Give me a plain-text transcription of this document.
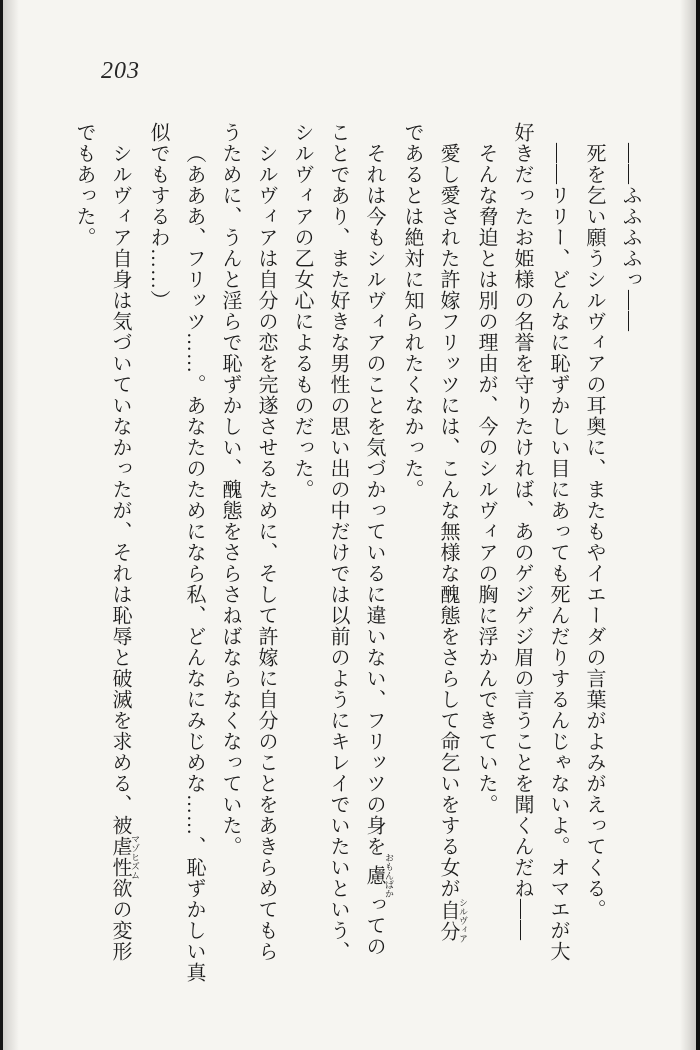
203

――ふふふふっ――

死を乞い願うシルヴィアの耳奥に、またもやイエーダの言葉がよみがえってくる。

――リリー、どんなに恥ずかしい目にあっても死んだりするんじゃないよ。オマエが大

好きだったお姫様の名誉を守りたければ、あのゲジゲジ眉の言うことを聞くんだね――

そんな脅迫とは別の理由が、今のシルヴィアの胸に浮かんできていた。

愛し愛された許嫁フリッツには、こんな無様な醜態をさらして命乞いをする女が自分 シルヴィア

であるとは絶対に知られたくなかった。

それは今もシルヴィアのことを気づかっているに違いない、フリッツの身を慮 おもんぱかっての

ことであり、また好きな男性の思い出の中だけでは以前のようにキレイでいたいという、

シルヴィアの乙女心によるものだった。

シルヴィアは自分の恋を完遂させるために、そして許嫁に自分のことをあきらめてもら

うために、うんと淫らで恥ずかしい、醜態をさらさねばならなくなっていた。

（あああ、フリッツ……。あなたのためになら私、どんなにみじめな……、恥ずかしい真

似でもするわ……）

シルヴィア自身は気づいていなかったが、それは恥辱と破滅を求める、被虐性欲 マゾヒズムの変形

でもあった。
